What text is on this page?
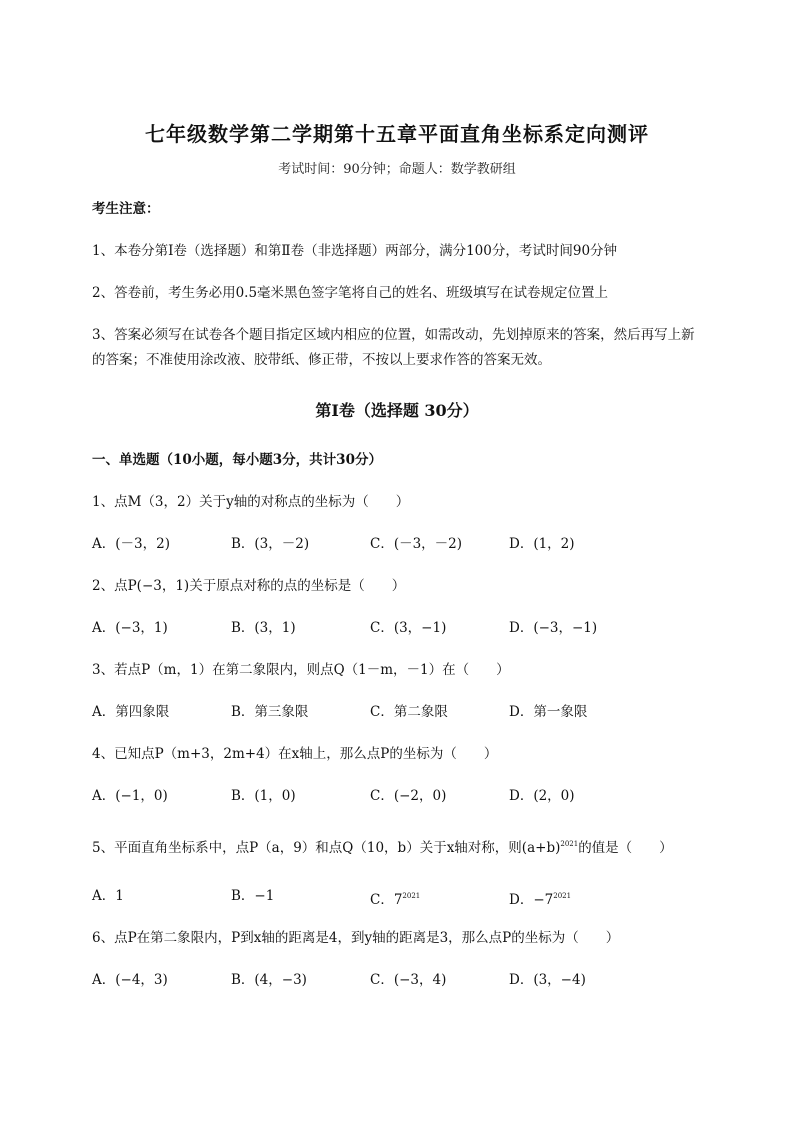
七年级数学第二学期第十五章平面直角坐标系定向测评
考试时间：90分钟；命题人：数学教研组
考生注意：
1、本卷分第I卷（选择题）和第Ⅱ卷（非选择题）两部分，满分100分，考试时间90分钟
2、答卷前，考生务必用0.5毫米黑色签字笔将自己的姓名、班级填写在试卷规定位置上
3、答案必须写在试卷各个题目指定区域内相应的位置，如需改动，先划掉原来的答案，然后再写上新
的答案；不准使用涂改液、胶带纸、修正带，不按以上要求作答的答案无效。
第I卷（选择题 30分）
一、单选题（10小题，每小题3分，共计30分）
1、点M（3，2）关于y轴的对称点的坐标为（　　）
A．(－3，2)	B．(3，－2)	C．(－3，－2)	D．(1，2)
2、点P(−3，1)关于原点对称的点的坐标是（　　）
A．(−3，1)	B．(3，1)	C．(3，−1)	D．(−3，−1)
3、若点P（m，1）在第二象限内，则点Q（1－m，－1）在（　　）
A．第四象限	B．第三象限	C．第二象限	D．第一象限
4、已知点P（m+3，2m+4）在x轴上，那么点P的坐标为（　　）
A．(−1，0)	B．(1，0)	C．(−2，0)	D．(2，0)
5、平面直角坐标系中，点P（a，9）和点Q（10，b）关于x轴对称，则$(a+b)^{2021}$的值是（　　）
A．1	B．−1	C．$7^{2021}$	D．$-7^{2021}$
6、点P在第二象限内，P到x轴的距离是4，到y轴的距离是3，那么点P的坐标为（　　）
A．(−4，3)	B．(4，−3)	C．(−3，4)	D．(3，−4)
